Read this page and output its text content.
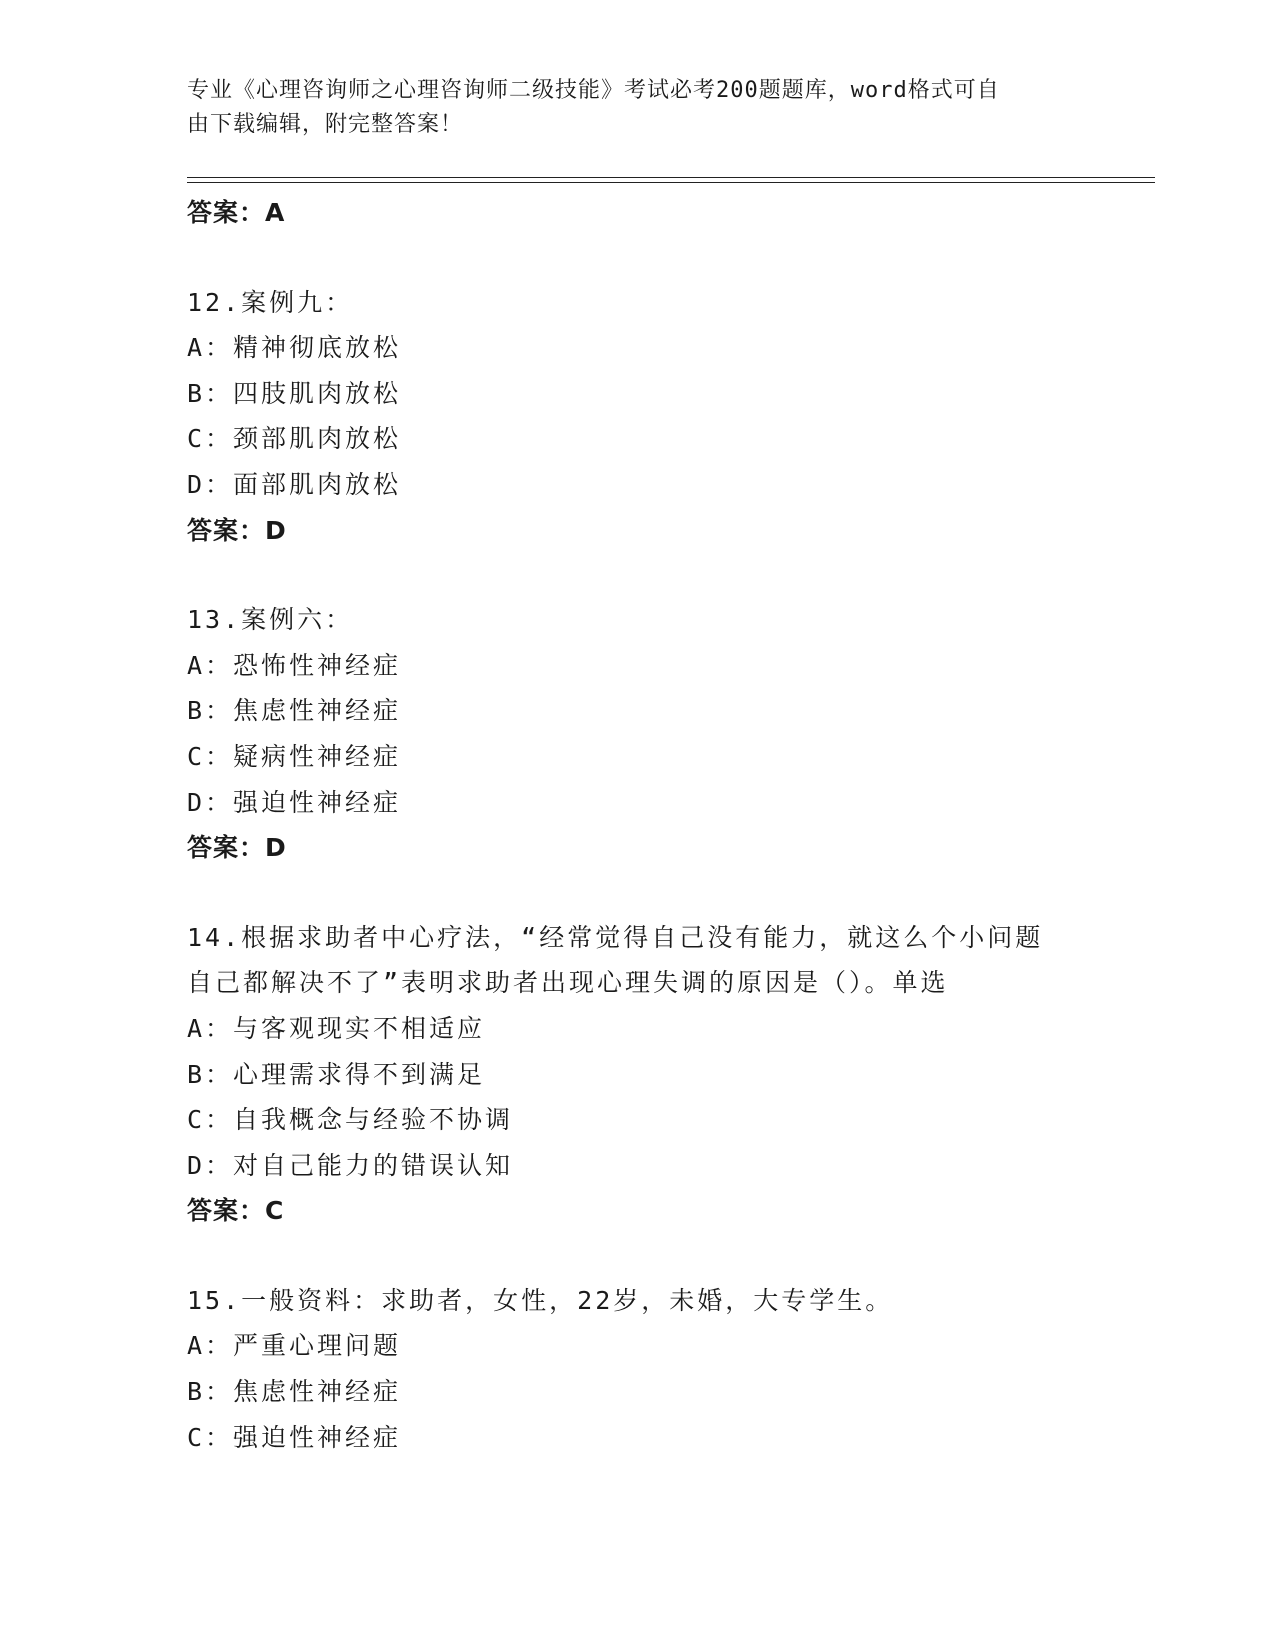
专业《心理咨询师之心理咨询师二级技能》考试必考200题题库，word格式可自
由下载编辑，附完整答案！
答案：A
12.案例九：
A：精神彻底放松
B：四肢肌肉放松
C：颈部肌肉放松
D：面部肌肉放松
答案：D
13.案例六：
A：恐怖性神经症
B：焦虑性神经症
C：疑病性神经症
D：强迫性神经症
答案：D
14.根据求助者中心疗法，“经常觉得自己没有能力，就这么个小问题
自己都解决不了”表明求助者出现心理失调的原因是（）。单选
A：与客观现实不相适应
B：心理需求得不到满足
C：自我概念与经验不协调
D：对自己能力的错误认知
答案：C
15.一般资料：求助者，女性，22岁，未婚，大专学生。
A：严重心理问题
B：焦虑性神经症
C：强迫性神经症
